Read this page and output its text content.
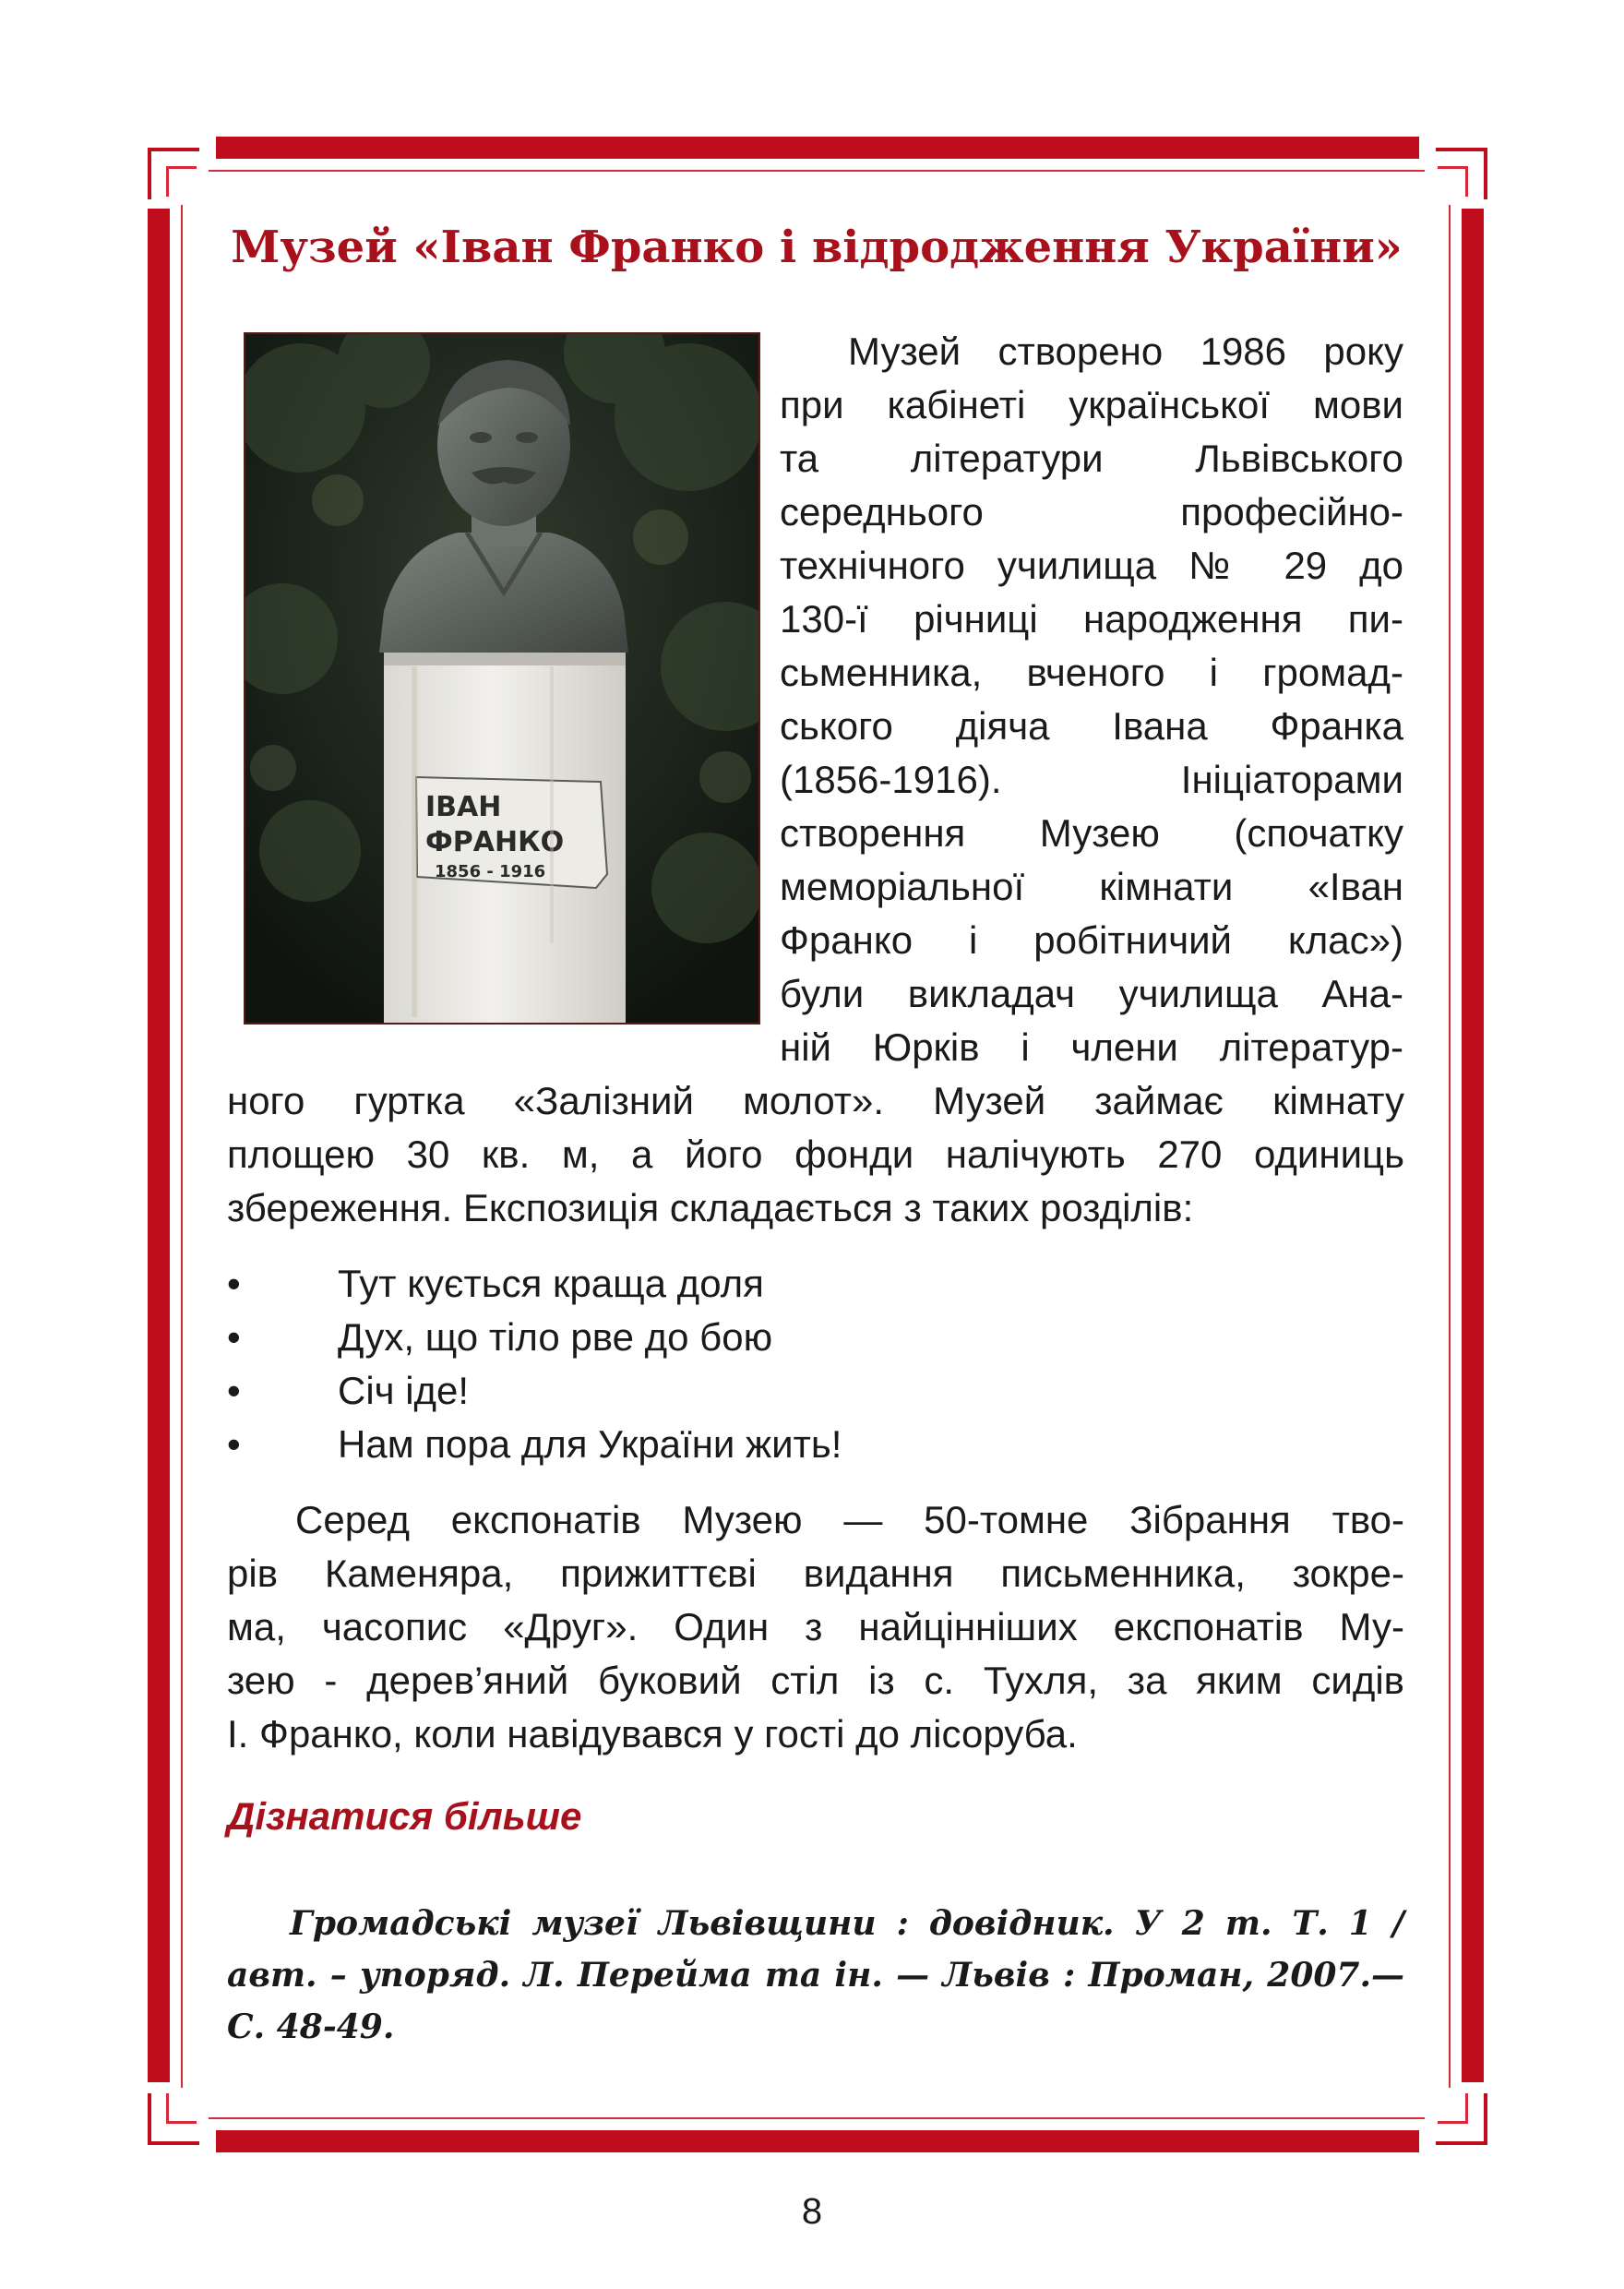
Музей «Іван Франко і відродження України»
ІВАН
ФРАНКО
1856 - 1916
Музей створено 1986 року
при кабінеті української мови
та літератури Львівського
середнього професійно-
технічного училища № 29 до
130-ї річниці народження пи-
сьменника, вченого і громад-
ського діяча Івана Франка
(1856-1916). Ініціаторами
створення Музею (спочатку
меморіальної кімнати «Іван
Франко і робітничий клас»)
були викладач училища Ана-
ній Юрків і члени літератур-
ного гуртка «Залізний молот». Музей займає кімнату
площею 30 кв. м, а його фонди налічують 270 одиниць
збереження. Експозиція складається з таких розділів:
•	Тут кується краща доля
•	Дух, що тіло рве до бою
•	Січ іде!
•	Нам пора для України жить!
Серед експонатів Музею — 50-томне Зібрання тво-
рів Каменяра, прижиттєві видання письменника, зокре-
ма, часопис «Друг». Один з найцінніших експонатів Му-
зею - дерев’яний буковий стіл із с. Тухля, за яким сидів
І. Франко, коли навідувався у гості до лісоруба.
Дізнатися більше
Громадські музеї Львівщини : довідник. У 2 т. Т. 1 /
авт. – упоряд. Л. Перейма та ін. — Львів : Проман, 2007.—
С. 48-49.

8
